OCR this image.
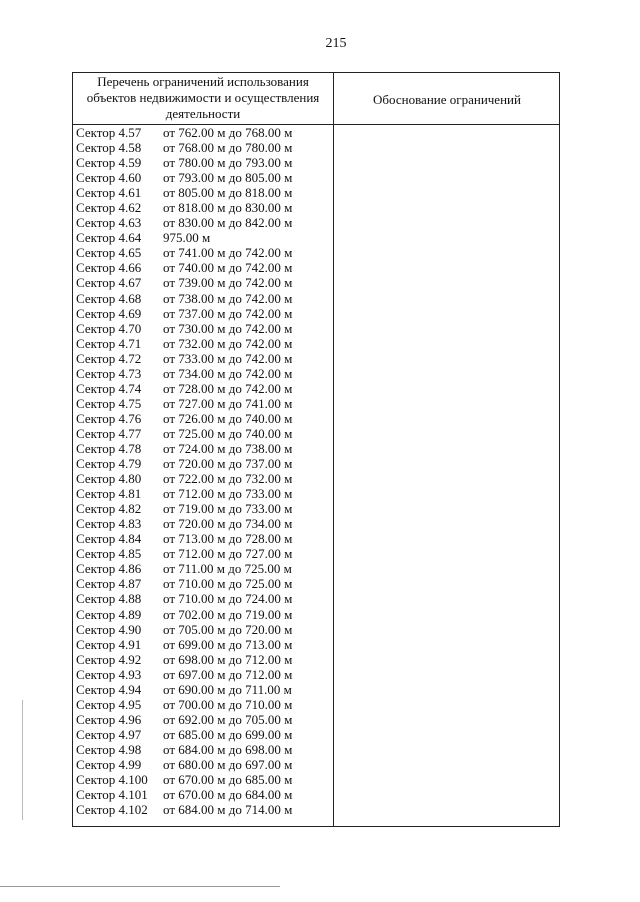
215
Перечень ограничений использования
объектов недвижимости и осуществления
деятельности
Обоснование ограничений
Сектор 4.57 от 762.00 м до 768.00 м
Сектор 4.58 от 768.00 м до 780.00 м
Сектор 4.59 от 780.00 м до 793.00 м
Сектор 4.60 от 793.00 м до 805.00 м
Сектор 4.61 от 805.00 м до 818.00 м
Сектор 4.62 от 818.00 м до 830.00 м
Сектор 4.63 от 830.00 м до 842.00 м
Сектор 4.64 975.00 м
Сектор 4.65 от 741.00 м до 742.00 м
Сектор 4.66 от 740.00 м до 742.00 м
Сектор 4.67 от 739.00 м до 742.00 м
Сектор 4.68 от 738.00 м до 742.00 м
Сектор 4.69 от 737.00 м до 742.00 м
Сектор 4.70 от 730.00 м до 742.00 м
Сектор 4.71 от 732.00 м до 742.00 м
Сектор 4.72 от 733.00 м до 742.00 м
Сектор 4.73 от 734.00 м до 742.00 м
Сектор 4.74 от 728.00 м до 742.00 м
Сектор 4.75 от 727.00 м до 741.00 м
Сектор 4.76 от 726.00 м до 740.00 м
Сектор 4.77 от 725.00 м до 740.00 м
Сектор 4.78 от 724.00 м до 738.00 м
Сектор 4.79 от 720.00 м до 737.00 м
Сектор 4.80 от 722.00 м до 732.00 м
Сектор 4.81 от 712.00 м до 733.00 м
Сектор 4.82 от 719.00 м до 733.00 м
Сектор 4.83 от 720.00 м до 734.00 м
Сектор 4.84 от 713.00 м до 728.00 м
Сектор 4.85 от 712.00 м до 727.00 м
Сектор 4.86 от 711.00 м до 725.00 м
Сектор 4.87 от 710.00 м до 725.00 м
Сектор 4.88 от 710.00 м до 724.00 м
Сектор 4.89 от 702.00 м до 719.00 м
Сектор 4.90 от 705.00 м до 720.00 м
Сектор 4.91 от 699.00 м до 713.00 м
Сектор 4.92 от 698.00 м до 712.00 м
Сектор 4.93 от 697.00 м до 712.00 м
Сектор 4.94 от 690.00 м до 711.00 м
Сектор 4.95 от 700.00 м до 710.00 м
Сектор 4.96 от 692.00 м до 705.00 м
Сектор 4.97 от 685.00 м до 699.00 м
Сектор 4.98 от 684.00 м до 698.00 м
Сектор 4.99 от 680.00 м до 697.00 м
Сектор 4.100 от 670.00 м до 685.00 м
Сектор 4.101 от 670.00 м до 684.00 м
Сектор 4.102 от 684.00 м до 714.00 м
